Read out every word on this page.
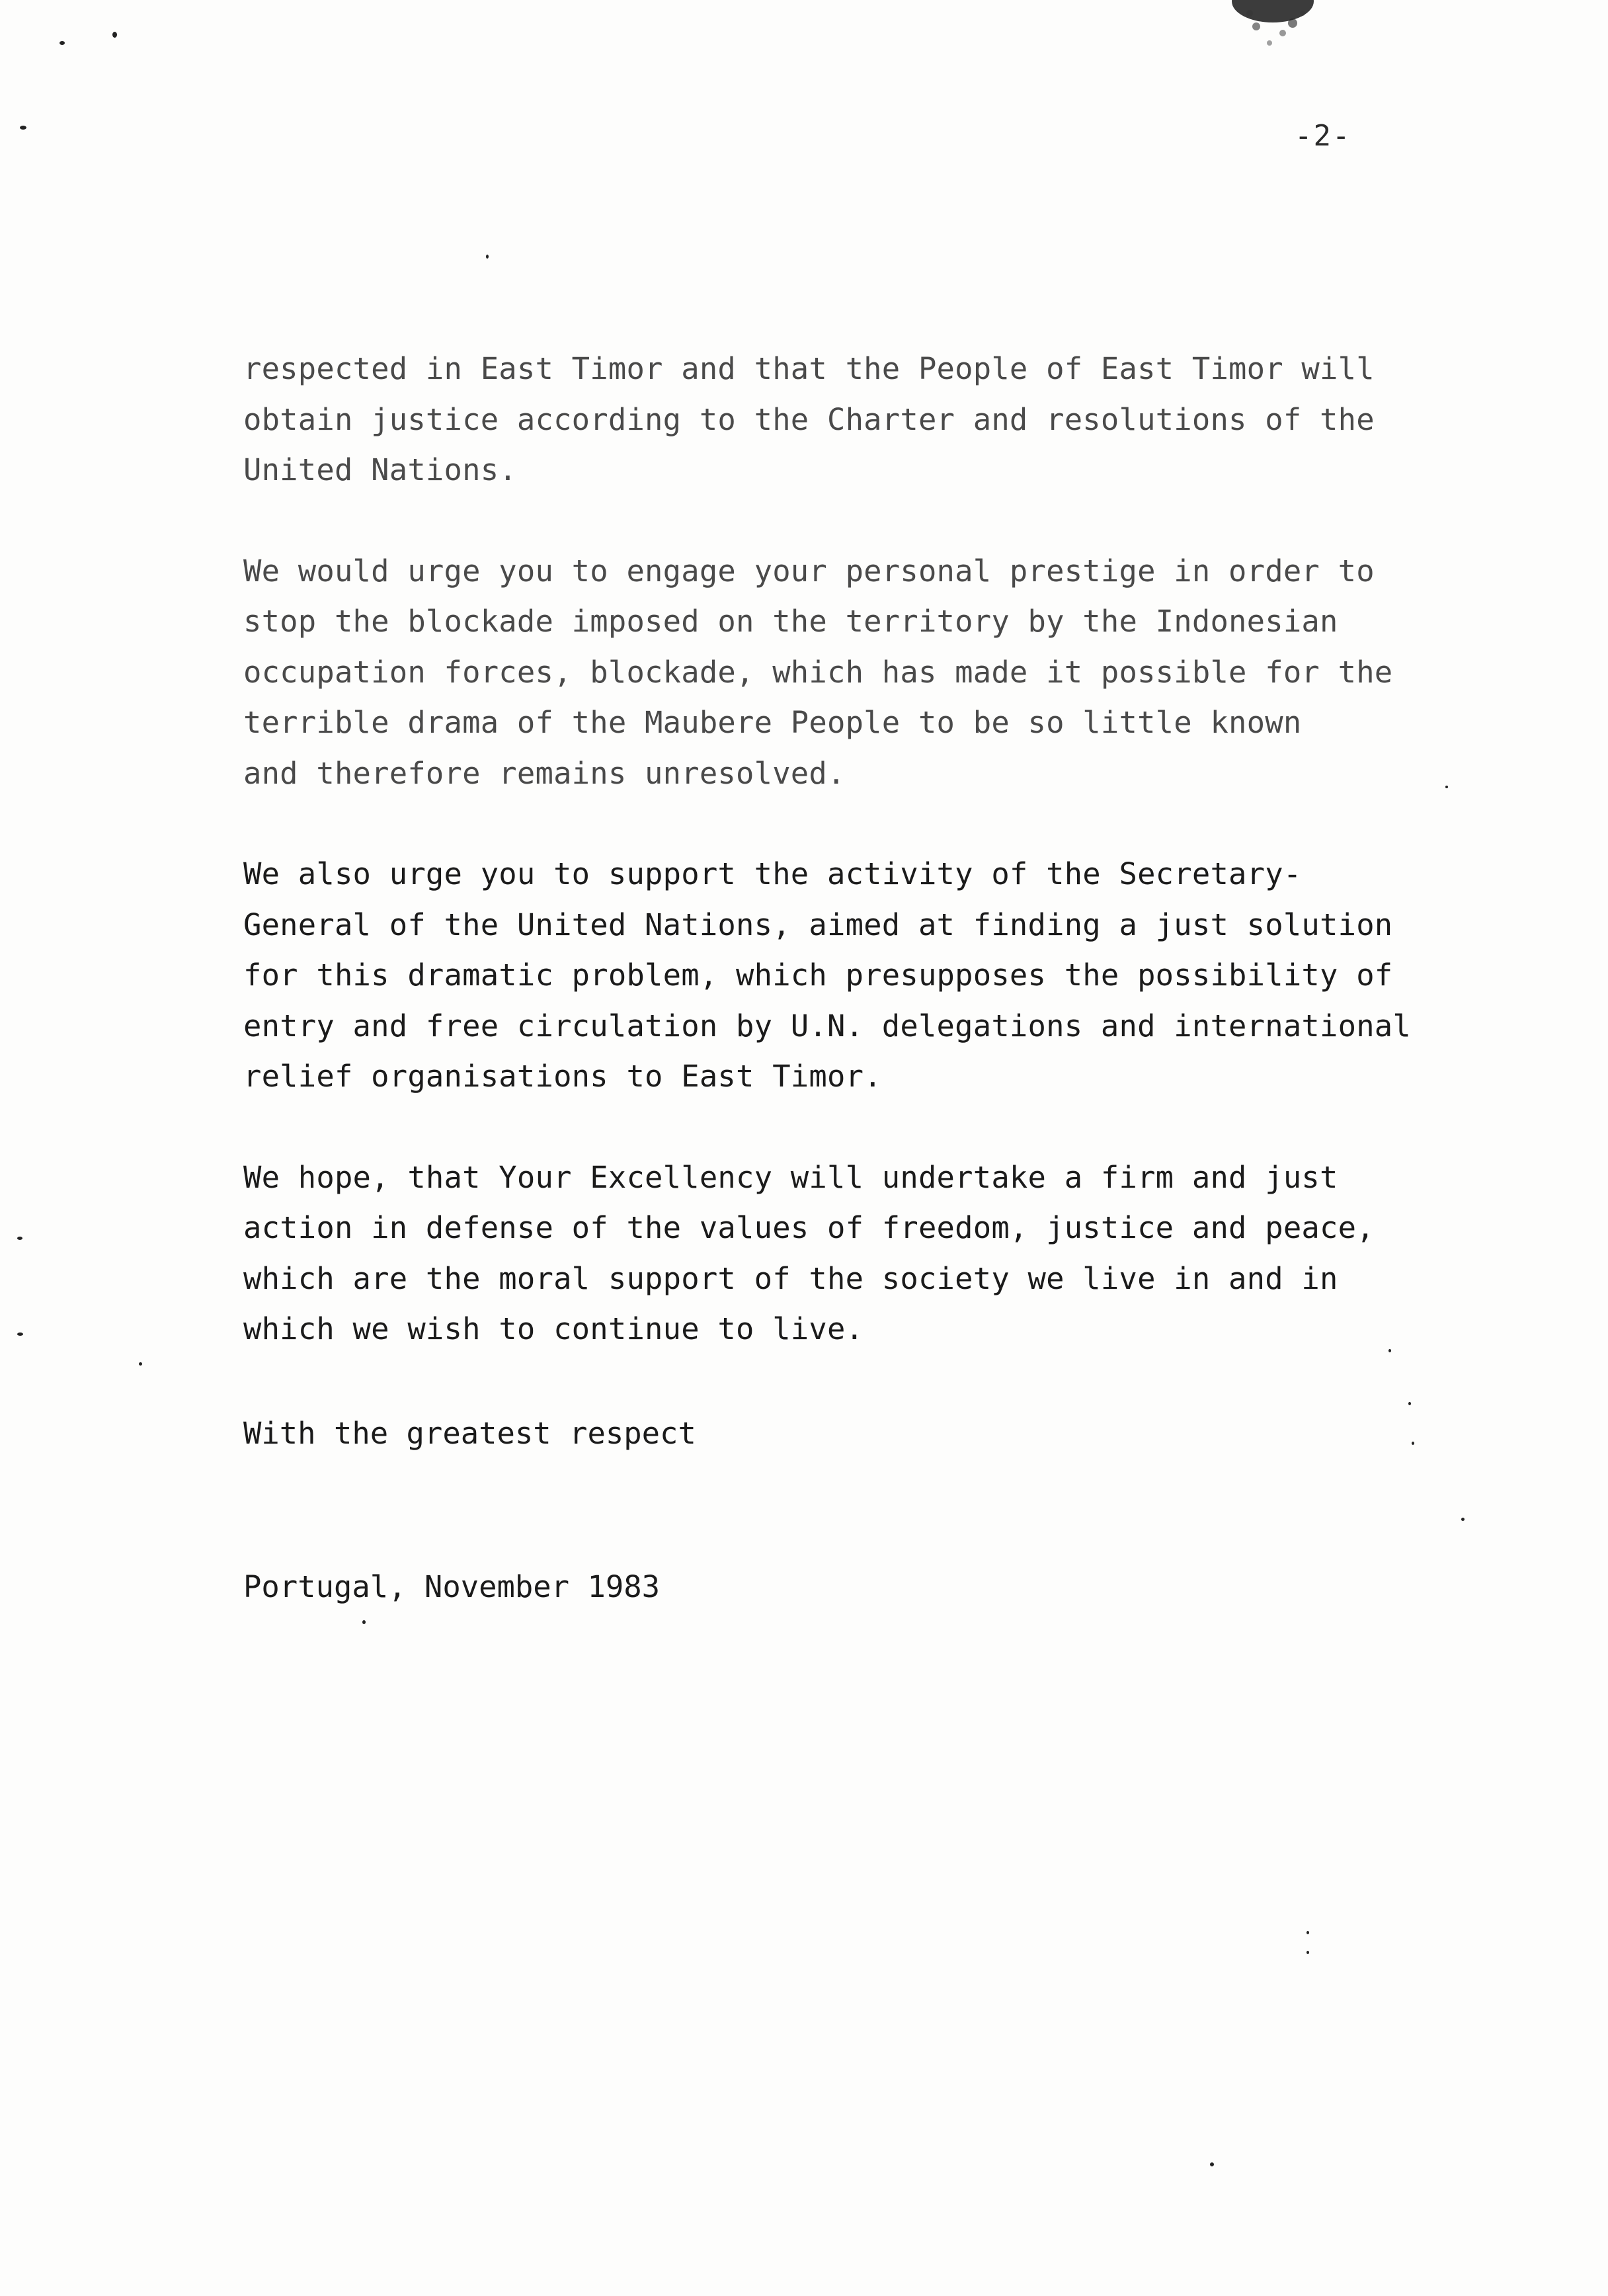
-2-

respected in East Timor and that the People of East Timor will
obtain justice according to the Charter and resolutions of the
United Nations.

We would urge you to engage your personal prestige in order to
stop the blockade imposed on the territory by the Indonesian
occupation forces, blockade, which has made it possible for the
terrible drama of the Maubere People to be so little known
and therefore remains unresolved.

We also urge you to support the activity of the Secretary-
General of the United Nations, aimed at finding a just solution
for this dramatic problem, which presupposes the possibility of
entry and free circulation by U.N. delegations and international
relief organisations to East Timor.

We hope, that Your Excellency will undertake a firm and just
action in defense of the values of freedom, justice and peace,
which are the moral support of the society we live in and in
which we wish to continue to live.

With the greatest respect
Portugal, November 1983
